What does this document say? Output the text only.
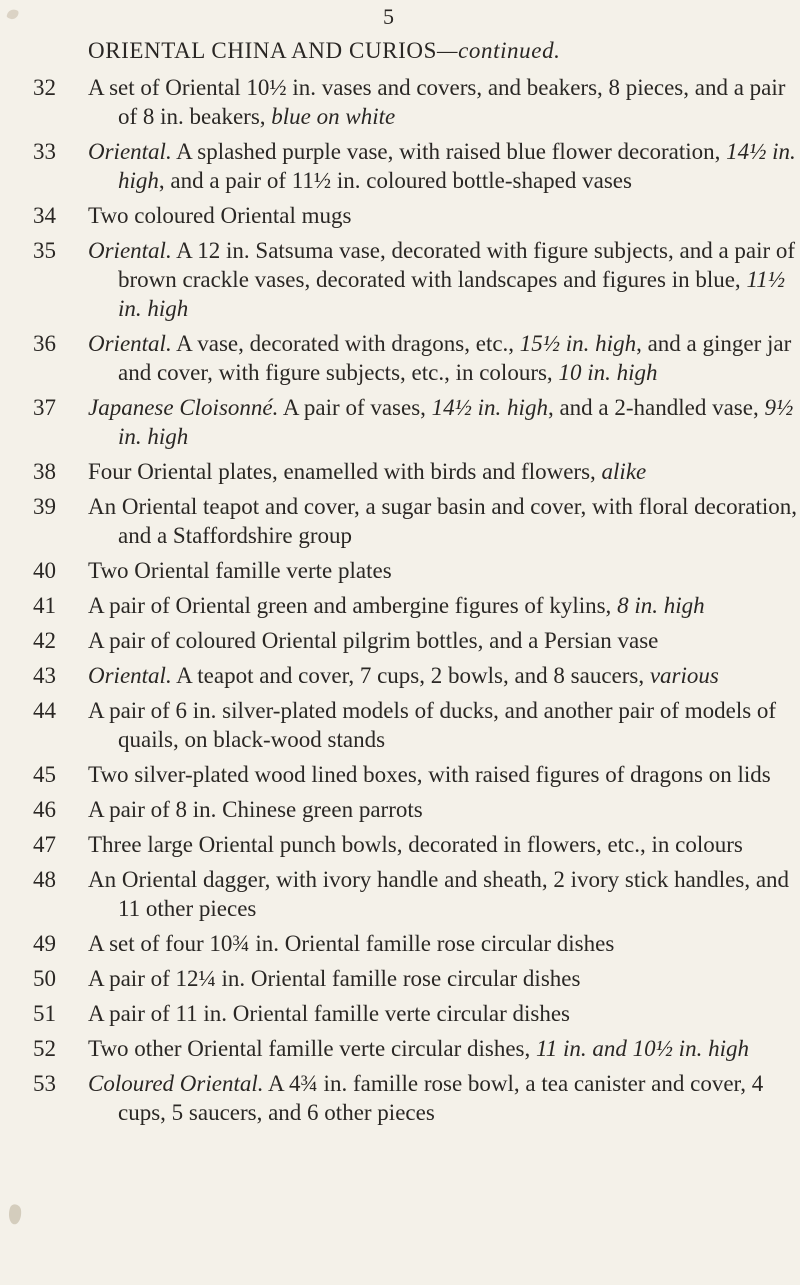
5
ORIENTAL CHINA AND CURIOS—continued.
32 A set of Oriental 10½ in. vases and covers, and beakers, 8 pieces, and a pair of 8 in. beakers, blue on white
33 Oriental. A splashed purple vase, with raised blue flower decoration, 14½ in. high, and a pair of 11½ in. coloured bottle-shaped vases
34 Two coloured Oriental mugs
35 Oriental. A 12 in. Satsuma vase, decorated with figure subjects, and a pair of brown crackle vases, decorated with landscapes and figures in blue, 11½ in. high
36 Oriental. A vase, decorated with dragons, etc., 15½ in. high, and a ginger jar and cover, with figure subjects, etc., in colours, 10 in. high
37 Japanese Cloisonné. A pair of vases, 14½ in. high, and a 2-handled vase, 9½ in. high
38 Four Oriental plates, enamelled with birds and flowers, alike
39 An Oriental teapot and cover, a sugar basin and cover, with floral decoration, and a Staffordshire group
40 Two Oriental famille verte plates
41 A pair of Oriental green and ambergine figures of kylins, 8 in. high
42 A pair of coloured Oriental pilgrim bottles, and a Persian vase
43 Oriental. A teapot and cover, 7 cups, 2 bowls, and 8 saucers, various
44 A pair of 6 in. silver-plated models of ducks, and another pair of models of quails, on black-wood stands
45 Two silver-plated wood lined boxes, with raised figures of dragons on lids
46 A pair of 8 in. Chinese green parrots
47 Three large Oriental punch bowls, decorated in flowers, etc., in colours
48 An Oriental dagger, with ivory handle and sheath, 2 ivory stick handles, and 11 other pieces
49 A set of four 10¾ in. Oriental famille rose circular dishes
50 A pair of 12¼ in. Oriental famille rose circular dishes
51 A pair of 11 in. Oriental famille verte circular dishes
52 Two other Oriental famille verte circular dishes, 11 in. and 10½ in. high
53 Coloured Oriental. A 4¾ in. famille rose bowl, a tea canister and cover, 4 cups, 5 saucers, and 6 other pieces
